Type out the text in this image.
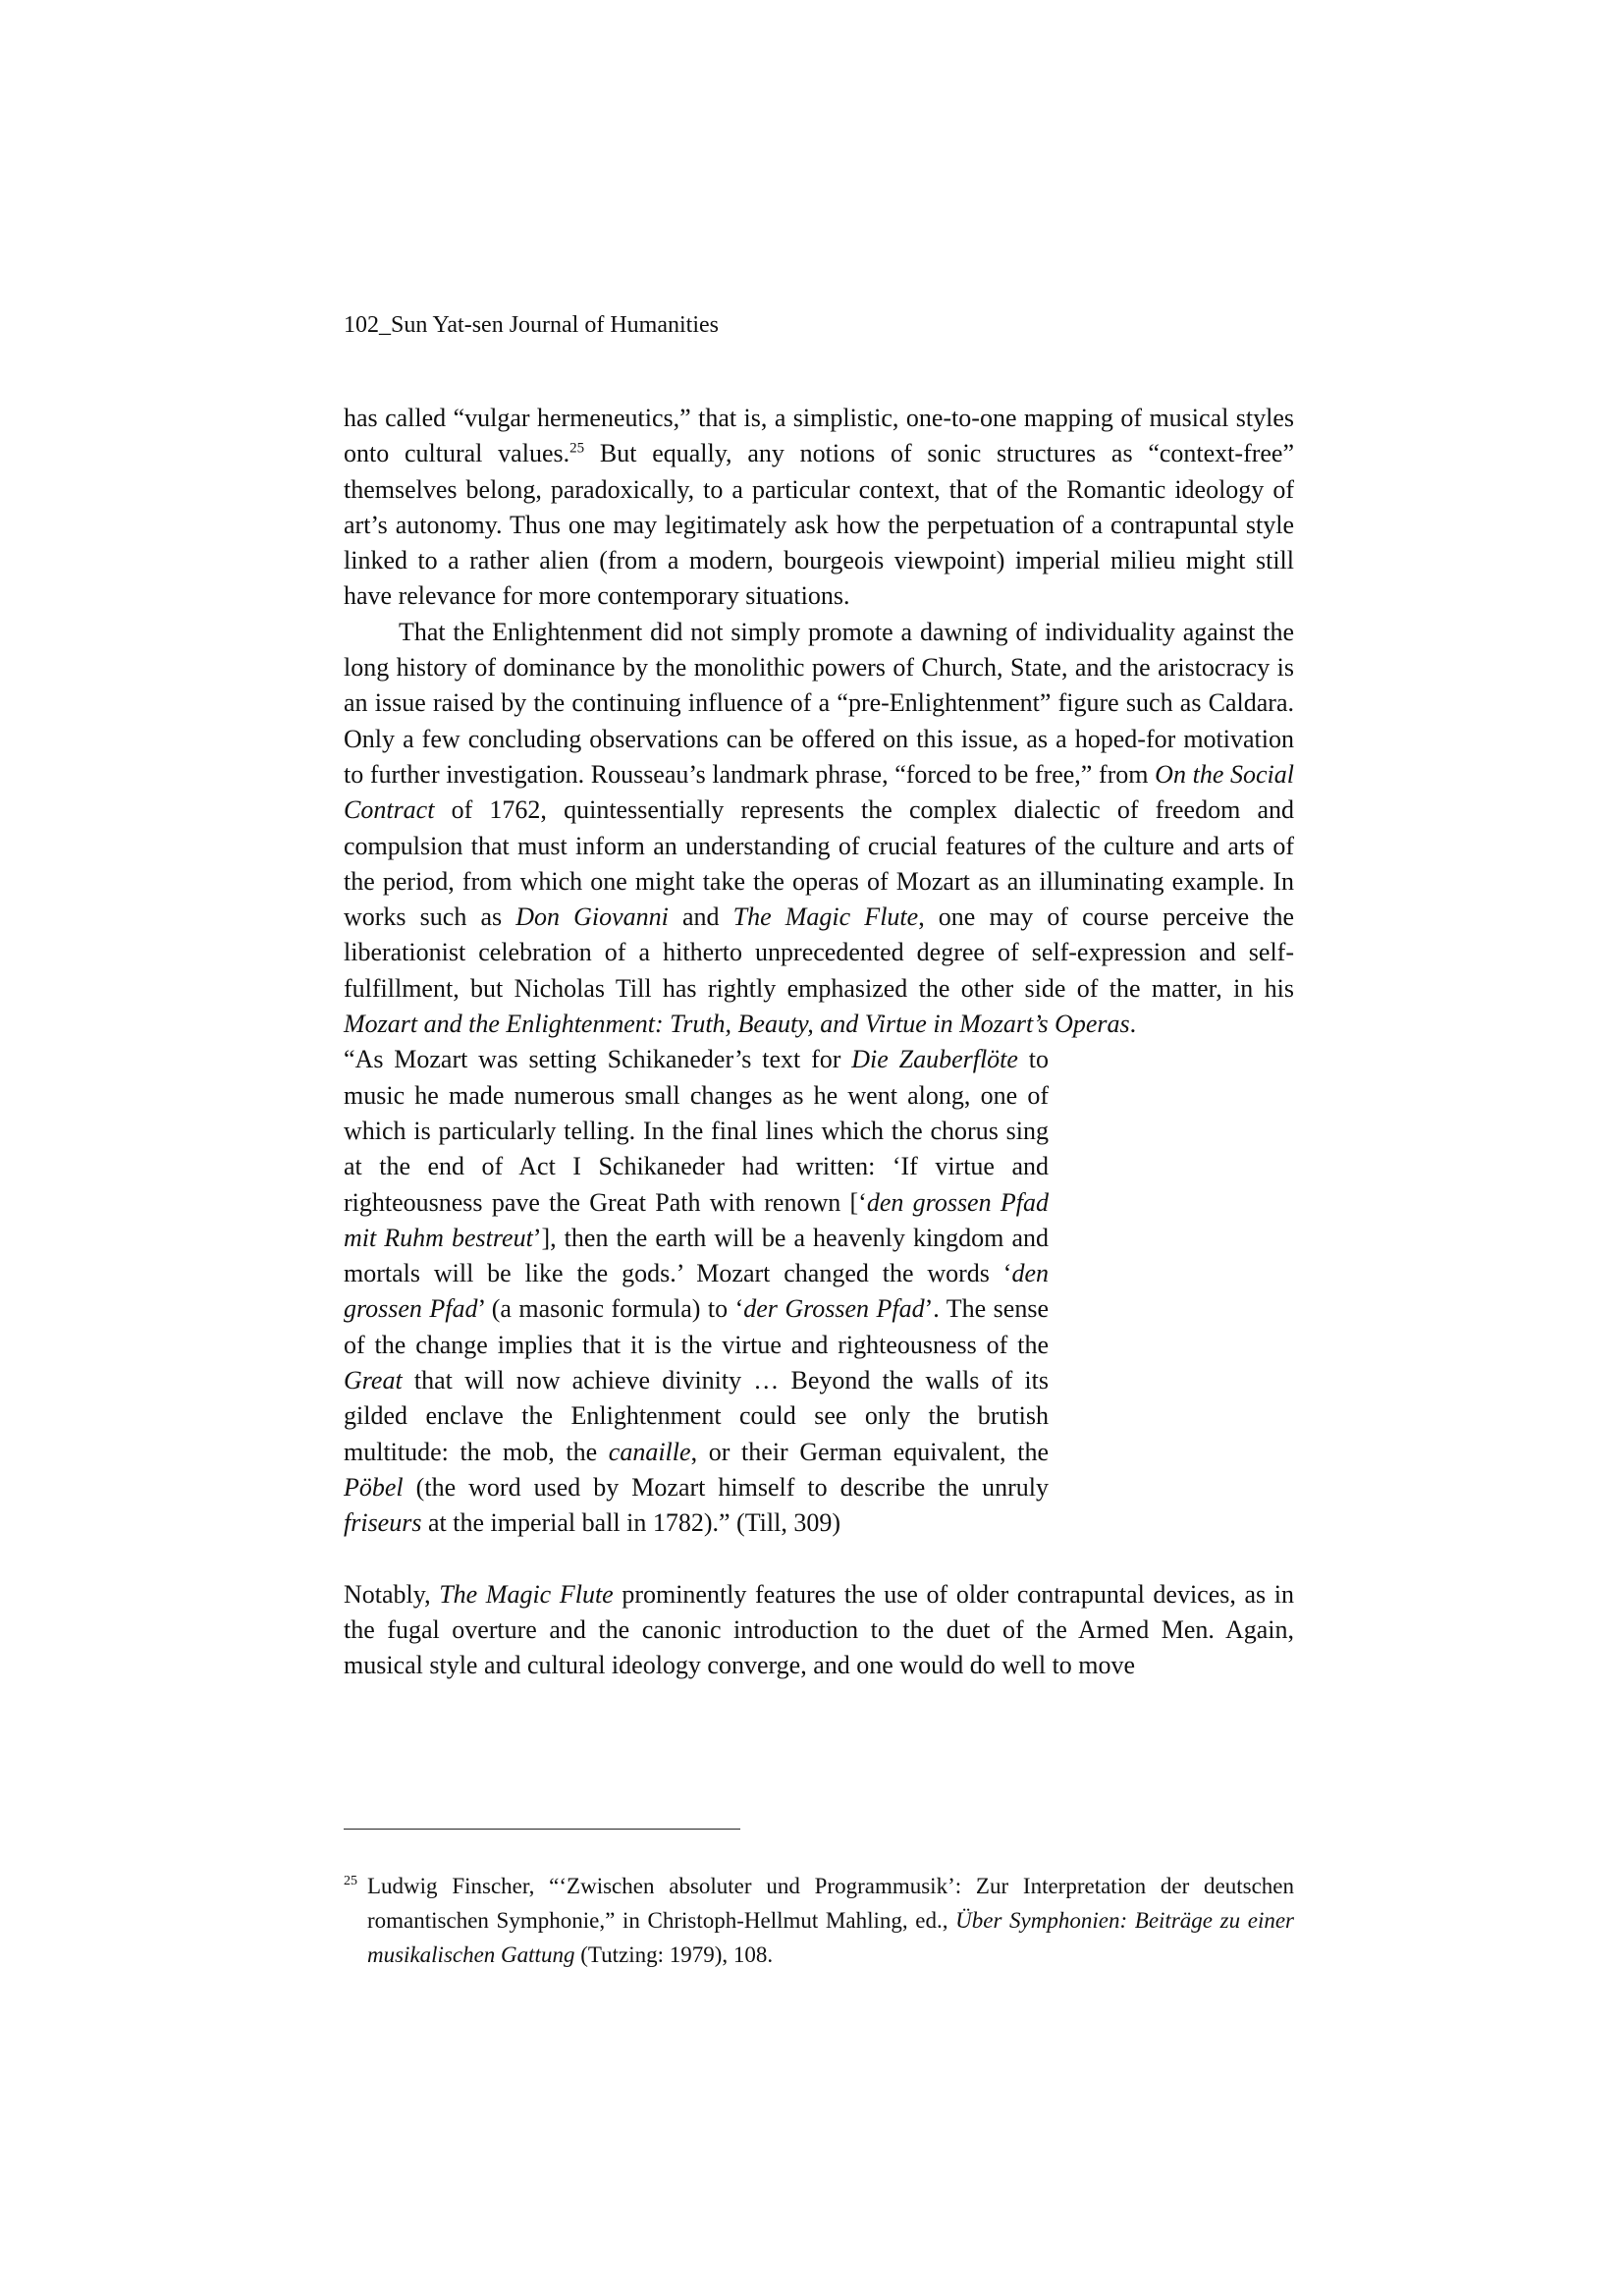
102_Sun Yat-sen Journal of Humanities

has called “vulgar hermeneutics,” that is, a simplistic, one-to-one mapping of musical styles onto cultural values.$^{25}$ But equally, any notions of sonic structures as “context-free” themselves belong, paradoxically, to a particular context, that of the Romantic ideology of art’s autonomy. Thus one may legitimately ask how the perpetuation of a contrapuntal style linked to a rather alien (from a modern, bourgeois viewpoint) imperial milieu might still have relevance for more contemporary situations.

That the Enlightenment did not simply promote a dawning of individuality against the long history of dominance by the monolithic powers of Church, State, and the aristocracy is an issue raised by the continuing influence of a “pre-Enlightenment” figure such as Caldara. Only a few concluding observations can be offered on this issue, as a hoped-for motivation to further investigation. Rousseau’s landmark phrase, “forced to be free,” from On the Social Contract of 1762, quintessentially represents the complex dialectic of freedom and compulsion that must inform an understanding of crucial features of the culture and arts of the period, from which one might take the operas of Mozart as an illuminating example. In works such as Don Giovanni and The Magic Flute, one may of course perceive the liberationist celebration of a hitherto unprecedented degree of self-expression and self-fulfillment, but Nicholas Till has rightly emphasized the other side of the matter, in his Mozart and the Enlightenment: Truth, Beauty, and Virtue in Mozart’s Operas.

“As Mozart was setting Schikaneder’s text for Die Zauberflöte to music he made numerous small changes as he went along, one of which is particularly telling. In the final lines which the chorus sing at the end of Act I Schikaneder had written: ‘If virtue and righteousness pave the Great Path with renown [‘den grossen Pfad mit Ruhm bestreut’], then the earth will be a heavenly kingdom and mortals will be like the gods.’ Mozart changed the words ‘den grossen Pfad’ (a masonic formula) to ‘der Grossen Pfad’. The sense of the change implies that it is the virtue and righteousness of the Great that will now achieve divinity … Beyond the walls of its gilded enclave the Enlightenment could see only the brutish multitude: the mob, the canaille, or their German equivalent, the Pöbel (the word used by Mozart himself to describe the unruly friseurs at the imperial ball in 1782).” (Till, 309)

Notably, The Magic Flute prominently features the use of older contrapuntal devices, as in the fugal overture and the canonic introduction to the duet of the Armed Men. Again, musical style and cultural ideology converge, and one would do well to move

$^{25}$ Ludwig Finscher, “‘Zwischen absoluter und Programmusik’: Zur Interpretation der deutschen romantischen Symphonie,” in Christoph-Hellmut Mahling, ed., Über Symphonien: Beiträge zu einer musikalischen Gattung (Tutzing: 1979), 108.
